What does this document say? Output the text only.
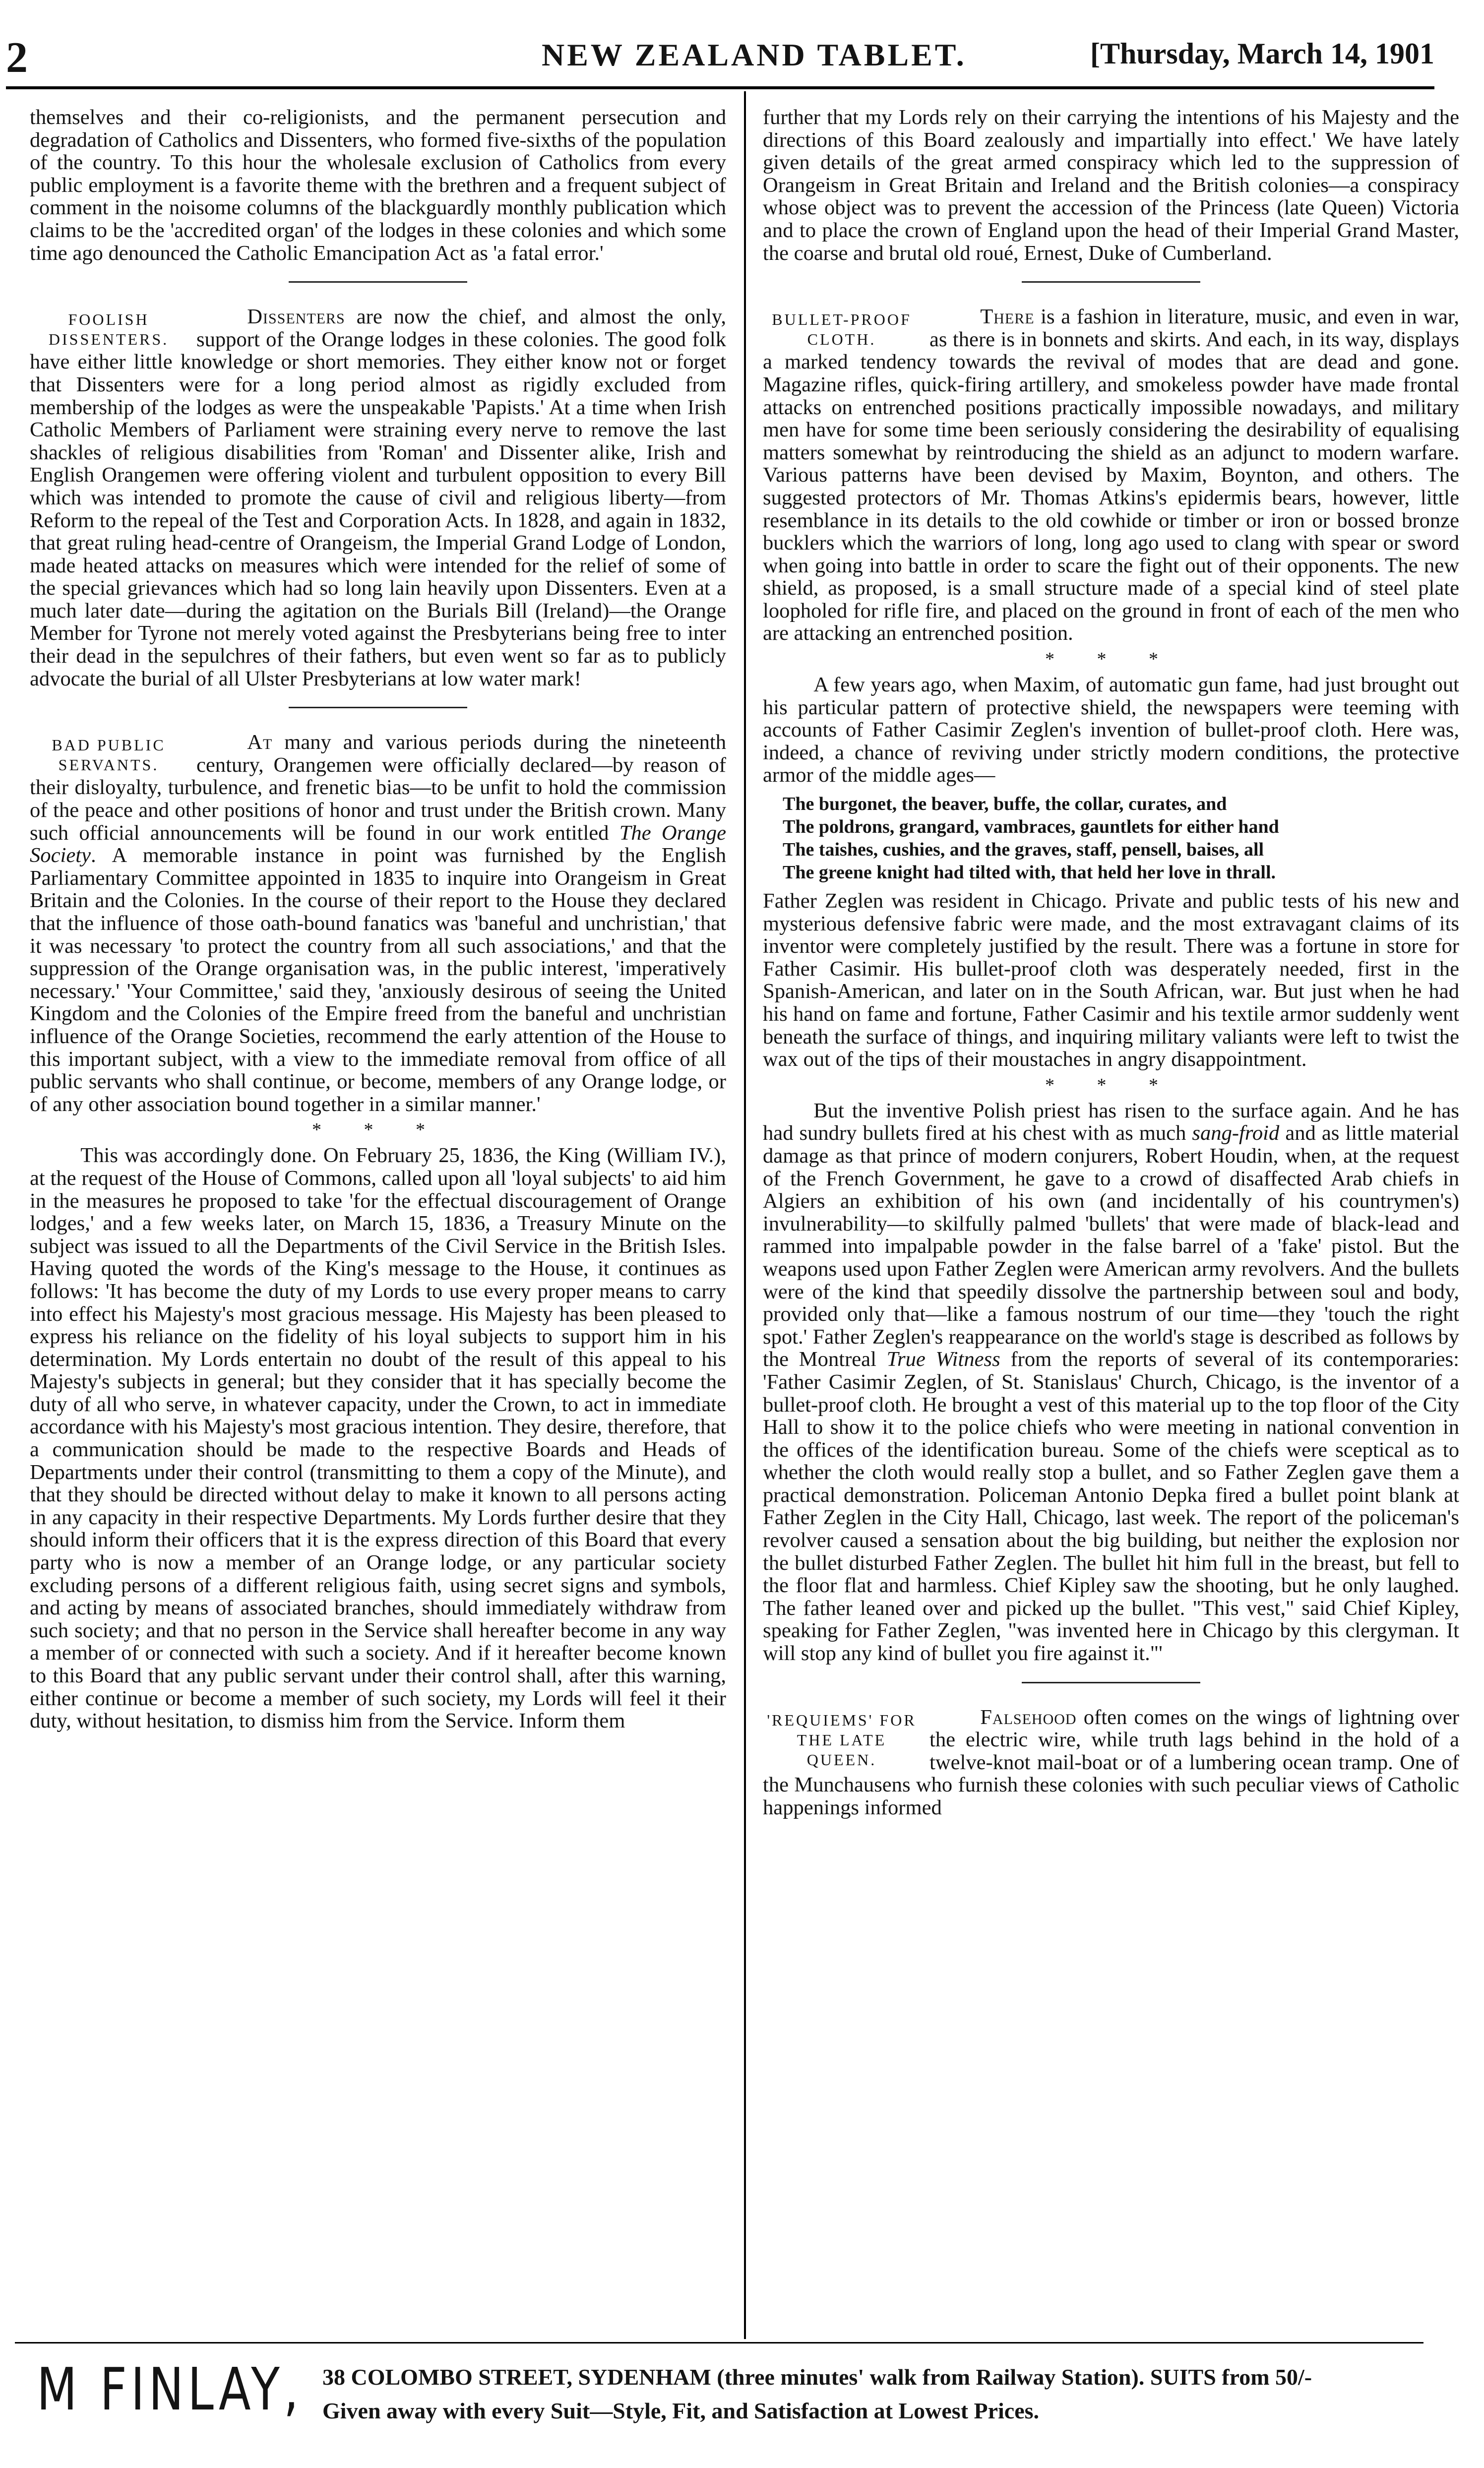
2	NEW ZEALAND TABLET.	[Thursday, March 14, 1901

themselves and their co-religionists, and the permanent persecution and degradation of Catholics and Dissenters, who formed five-sixths of the population of the country. To this hour the wholesale exclusion of Catholics from every public employment is a favorite theme with the brethren and a frequent subject of comment in the noisome columns of the blackguardly monthly publication which claims to be the 'accredited organ' of the lodges in these colonies and which some time ago denounced the Catholic Emancipation Act as 'a fatal error.'

FOOLISH DISSENTERS.

Dissenters are now the chief, and almost the only, support of the Orange lodges in these colonies. The good folk have either little knowledge or short memories. They either know not or forget that Dissenters were for a long period almost as rigidly excluded from membership of the lodges as were the unspeakable 'Papists.' At a time when Irish Catholic Members of Parliament were straining every nerve to remove the last shackles of religious disabilities from 'Roman' and Dissenter alike, Irish and English Orangemen were offering violent and turbulent opposition to every Bill which was intended to promote the cause of civil and religious liberty—from Reform to the repeal of the Test and Corporation Acts. In 1828, and again in 1832, that great ruling head-centre of Orangeism, the Imperial Grand Lodge of London, made heated attacks on measures which were intended for the relief of some of the special grievances which had so long lain heavily upon Dissenters. Even at a much later date—during the agitation on the Burials Bill (Ireland)—the Orange Member for Tyrone not merely voted against the Presbyterians being free to inter their dead in the sepulchres of their fathers, but even went so far as to publicly advocate the burial of all Ulster Presbyterians at low water mark!

BAD PUBLIC SERVANTS.

At many and various periods during the nineteenth century, Orangemen were officially declared—by reason of their disloyalty, turbulence, and frenetic bias—to be unfit to hold the commission of the peace and other positions of honor and trust under the British crown. Many such official announcements will be found in our work entitled The Orange Society. A memorable instance in point was furnished by the English Parliamentary Committee appointed in 1835 to inquire into Orangeism in Great Britain and the Colonies. In the course of their report to the House they declared that the influence of those oath-bound fanatics was 'baneful and unchristian,' that it was necessary 'to protect the country from all such associations,' and that the suppression of the Orange organisation was, in the public interest, 'imperatively necessary.' 'Your Committee,' said they, 'anxiously desirous of seeing the United Kingdom and the Colonies of the Empire freed from the baneful and unchristian influence of the Orange Societies, recommend the early attention of the House to this important subject, with a view to the immediate removal from office of all public servants who shall continue, or become, members of any Orange lodge, or of any other association bound together in a similar manner.'

* * *

This was accordingly done. On February 25, 1836, the King (William IV.), at the request of the House of Commons, called upon all 'loyal subjects' to aid him in the measures he proposed to take 'for the effectual discouragement of Orange lodges,' and a few weeks later, on March 15, 1836, a Treasury Minute on the subject was issued to all the Departments of the Civil Service in the British Isles. Having quoted the words of the King's message to the House, it continues as follows: 'It has become the duty of my Lords to use every proper means to carry into effect his Majesty's most gracious message. His Majesty has been pleased to express his reliance on the fidelity of his loyal subjects to support him in his determination. My Lords entertain no doubt of the result of this appeal to his Majesty's subjects in general; but they consider that it has specially become the duty of all who serve, in whatever capacity, under the Crown, to act in immediate accordance with his Majesty's most gracious intention. They desire, therefore, that a communication should be made to the respective Boards and Heads of Departments under their control (transmitting to them a copy of the Minute), and that they should be directed without delay to make it known to all persons acting in any capacity in their respective Departments. My Lords further desire that they should inform their officers that it is the express direction of this Board that every party who is now a member of an Orange lodge, or any particular society excluding persons of a different religious faith, using secret signs and symbols, and acting by means of associated branches, should immediately withdraw from such society; and that no person in the Service shall hereafter become in any way a member of or connected with such a society. And if it hereafter become known to this Board that any public servant under their control shall, after this warning, either continue or become a member of such society, my Lords will feel it their duty, without hesitation, to dismiss him from the Service. Inform them

further that my Lords rely on their carrying the intentions of his Majesty and the directions of this Board zealously and impartially into effect.' We have lately given details of the great armed conspiracy which led to the suppression of Orangeism in Great Britain and Ireland and the British colonies—a conspiracy whose object was to prevent the accession of the Princess (late Queen) Victoria and to place the crown of England upon the head of their Imperial Grand Master, the coarse and brutal old roué, Ernest, Duke of Cumberland.

BULLET-PROOF CLOTH.

There is a fashion in literature, music, and even in war, as there is in bonnets and skirts. And each, in its way, displays a marked tendency towards the revival of modes that are dead and gone. Magazine rifles, quick-firing artillery, and smokeless powder have made frontal attacks on entrenched positions practically impossible nowadays, and military men have for some time been seriously considering the desirability of equalising matters somewhat by reintroducing the shield as an adjunct to modern warfare. Various patterns have been devised by Maxim, Boynton, and others. The suggested protectors of Mr. Thomas Atkins's epidermis bears, however, little resemblance in its details to the old cowhide or timber or iron or bossed bronze bucklers which the warriors of long, long ago used to clang with spear or sword when going into battle in order to scare the fight out of their opponents. The new shield, as proposed, is a small structure made of a special kind of steel plate loopholed for rifle fire, and placed on the ground in front of each of the men who are attacking an entrenched position.

* * *

A few years ago, when Maxim, of automatic gun fame, had just brought out his particular pattern of protective shield, the newspapers were teeming with accounts of Father Casimir Zeglen's invention of bullet-proof cloth. Here was, indeed, a chance of reviving under strictly modern conditions, the protective armor of the middle ages—

The burgonet, the beaver, buffe, the collar, curates, and
The poldrons, grangard, vambraces, gauntlets for either hand
The taishes, cushies, and the graves, staff, pensell, baises, all
The greene knight had tilted with, that held her love in thrall.

Father Zeglen was resident in Chicago. Private and public tests of his new and mysterious defensive fabric were made, and the most extravagant claims of its inventor were completely justified by the result. There was a fortune in store for Father Casimir. His bullet-proof cloth was desperately needed, first in the Spanish-American, and later on in the South African, war. But just when he had his hand on fame and fortune, Father Casimir and his textile armor suddenly went beneath the surface of things, and inquiring military valiants were left to twist the wax out of the tips of their moustaches in angry disappointment.

* * *

But the inventive Polish priest has risen to the surface again. And he has had sundry bullets fired at his chest with as much sang-froid and as little material damage as that prince of modern conjurers, Robert Houdin, when, at the request of the French Government, he gave to a crowd of disaffected Arab chiefs in Algiers an exhibition of his own (and incidentally of his countrymen's) invulnerability—to skilfully palmed 'bullets' that were made of black-lead and rammed into impalpable powder in the false barrel of a 'fake' pistol. But the weapons used upon Father Zeglen were American army revolvers. And the bullets were of the kind that speedily dissolve the partnership between soul and body, provided only that—like a famous nostrum of our time—they 'touch the right spot.' Father Zeglen's reappearance on the world's stage is described as follows by the Montreal True Witness from the reports of several of its contemporaries: 'Father Casimir Zeglen, of St. Stanislaus' Church, Chicago, is the inventor of a bullet-proof cloth. He brought a vest of this material up to the top floor of the City Hall to show it to the police chiefs who were meeting in national convention in the offices of the identification bureau. Some of the chiefs were sceptical as to whether the cloth would really stop a bullet, and so Father Zeglen gave them a practical demonstration. Policeman Antonio Depka fired a bullet point blank at Father Zeglen in the City Hall, Chicago, last week. The report of the policeman's revolver caused a sensation about the big building, but neither the explosion nor the bullet disturbed Father Zeglen. The bullet hit him full in the breast, but fell to the floor flat and harmless. Chief Kipley saw the shooting, but he only laughed. The father leaned over and picked up the bullet. "This vest," said Chief Kipley, speaking for Father Zeglen, "was invented here in Chicago by this clergyman. It will stop any kind of bullet you fire against it."'

'REQUIEMS' FOR THE LATE QUEEN.

Falsehood often comes on the wings of lightning over the electric wire, while truth lags behind in the hold of a twelve-knot mail-boat or of a lumbering ocean tramp. One of the Munchausens who furnish these colonies with such peculiar views of Catholic happenings informed

M FINLAY, 38 COLOMBO STREET, SYDENHAM (three minutes' walk from Railway Station). SUITS from 50/-
Given away with every Suit—Style, Fit, and Satisfaction at Lowest Prices.
